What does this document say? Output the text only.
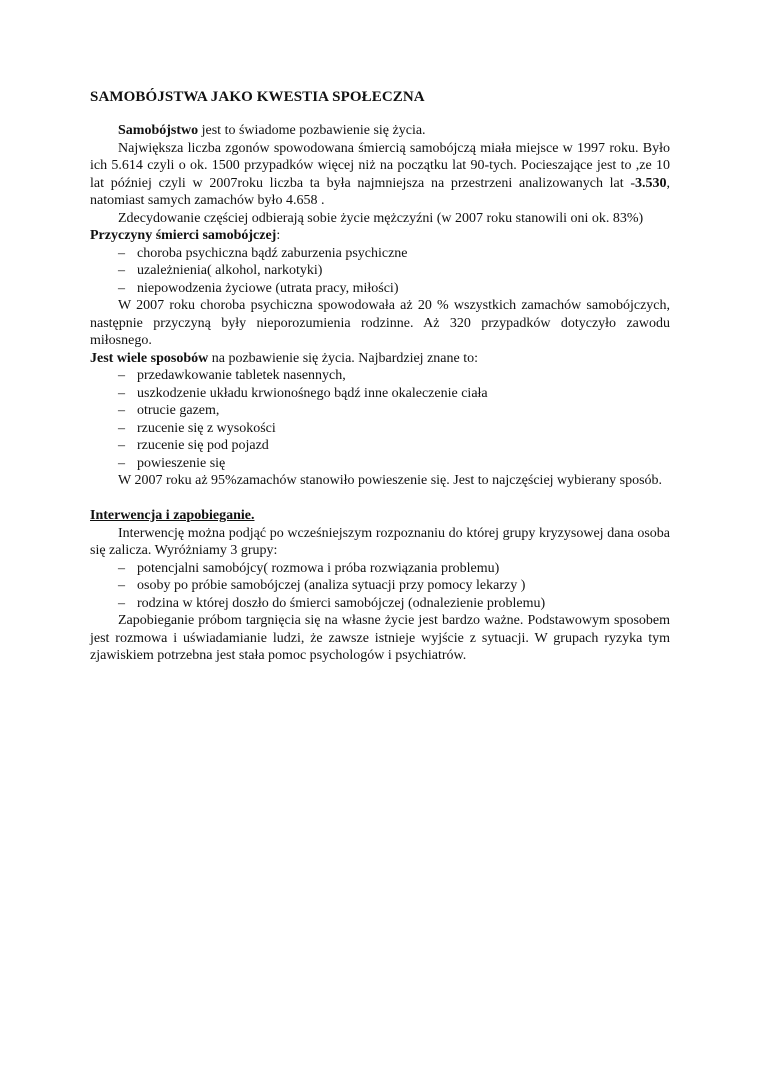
SAMOBÓJSTWA JAKO KWESTIA SPOŁECZNA

Samobójstwo jest to świadome pozbawienie się życia.

Największa liczba zgonów spowodowana śmiercią samobójczą miała miejsce w 1997 roku. Było ich 5.614 czyli o ok. 1500 przypadków więcej niż na początku lat 90-tych. Pocieszające jest to ,ze 10 lat później czyli w 2007roku liczba ta była najmniejsza na przestrzeni analizowanych lat -3.530, natomiast samych zamachów było 4.658 .

Zdecydowanie częściej odbierają sobie życie mężczyźni (w 2007 roku stanowili oni ok. 83%)

Przyczyny śmierci samobójczej:

– choroba psychiczna bądź zaburzenia psychiczne
– uzależnienia( alkohol, narkotyki)
– niepowodzenia życiowe (utrata pracy, miłości)

W 2007 roku choroba psychiczna spowodowała aż 20 % wszystkich zamachów samobójczych, następnie przyczyną były nieporozumienia rodzinne. Aż 320 przypadków dotyczyło zawodu miłosnego.

Jest wiele sposobów na pozbawienie się życia. Najbardziej znane to:

– przedawkowanie tabletek nasennych,
– uszkodzenie układu krwionośnego bądź inne okaleczenie ciała
– otrucie gazem,
– rzucenie się z wysokości
– rzucenie się pod pojazd
– powieszenie się

W 2007 roku aż 95%zamachów stanowiło powieszenie się. Jest to najczęściej wybierany sposób.

Interwencja i zapobieganie.

Interwencję można podjąć po wcześniejszym rozpoznaniu do której grupy kryzysowej dana osoba się zalicza. Wyróżniamy 3 grupy:

– potencjalni samobójcy( rozmowa i próba rozwiązania problemu)
– osoby po próbie samobójczej (analiza sytuacji przy pomocy lekarzy )
– rodzina w której doszło do śmierci samobójczej (odnalezienie problemu)

Zapobieganie próbom targnięcia się na własne życie jest bardzo ważne. Podstawowym sposobem jest rozmowa i uświadamianie ludzi, że zawsze istnieje wyjście z sytuacji. W grupach ryzyka tym zjawiskiem potrzebna jest stała pomoc psychologów i psychiatrów.
